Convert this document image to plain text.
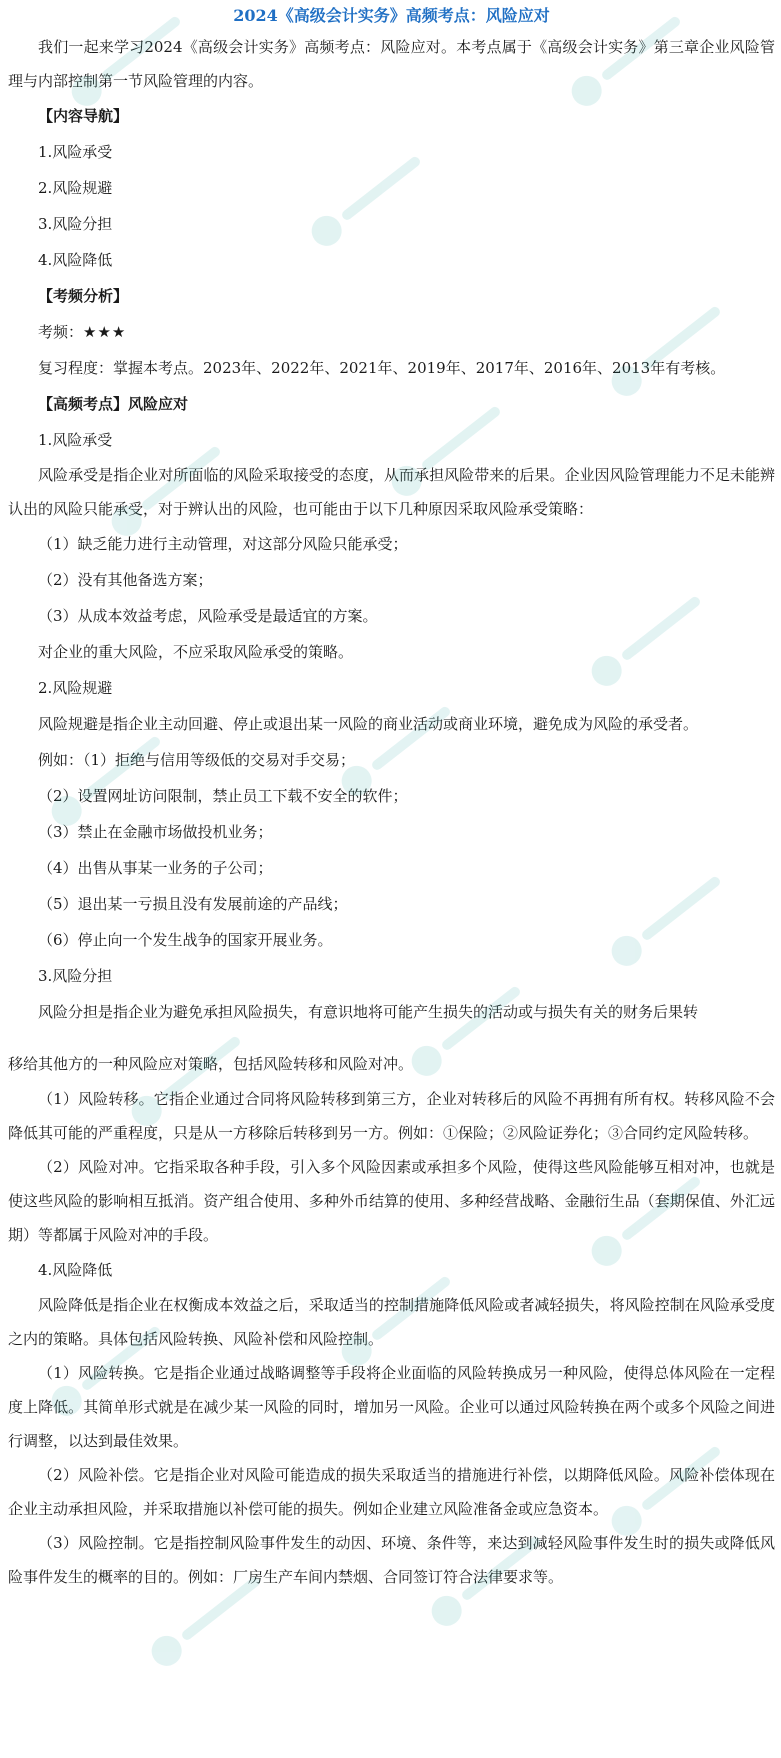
2024《高级会计实务》高频考点：风险应对

我们一起来学习2024《高级会计实务》高频考点：风险应对。本考点属于《高级会计实务》第三章企业风险管理与内部控制第一节风险管理的内容。

【内容导航】

1.风险承受

2.风险规避

3.风险分担

4.风险降低

【考频分析】

考频：★★★

复习程度：掌握本考点。2023年、2022年、2021年、2019年、2017年、2016年、2013年有考核。

【高频考点】风险应对

1.风险承受

风险承受是指企业对所面临的风险采取接受的态度，从而承担风险带来的后果。企业因风险管理能力不足未能辨认出的风险只能承受，对于辨认出的风险，也可能由于以下几种原因采取风险承受策略：

（1）缺乏能力进行主动管理，对这部分风险只能承受；

（2）没有其他备选方案；

（3）从成本效益考虑，风险承受是最适宜的方案。

对企业的重大风险，不应采取风险承受的策略。

2.风险规避

风险规避是指企业主动回避、停止或退出某一风险的商业活动或商业环境，避免成为风险的承受者。

例如：（1）拒绝与信用等级低的交易对手交易；

（2）设置网址访问限制，禁止员工下载不安全的软件；

（3）禁止在金融市场做投机业务；

（4）出售从事某一业务的子公司；

（5）退出某一亏损且没有发展前途的产品线；

（6）停止向一个发生战争的国家开展业务。

3.风险分担

风险分担是指企业为避免承担风险损失，有意识地将可能产生损失的活动或与损失有关的财务后果转

移给其他方的一种风险应对策略，包括风险转移和风险对冲。

（1）风险转移。它指企业通过合同将风险转移到第三方，企业对转移后的风险不再拥有所有权。转移风险不会降低其可能的严重程度，只是从一方移除后转移到另一方。例如：①保险；②风险证券化；③合同约定风险转移。

（2）风险对冲。它指采取各种手段，引入多个风险因素或承担多个风险，使得这些风险能够互相对冲，也就是使这些风险的影响相互抵消。资产组合使用、多种外币结算的使用、多种经营战略、金融衍生品（套期保值、外汇远期）等都属于风险对冲的手段。

4.风险降低

风险降低是指企业在权衡成本效益之后，采取适当的控制措施降低风险或者减轻损失，将风险控制在风险承受度之内的策略。具体包括风险转换、风险补偿和风险控制。

（1）风险转换。它是指企业通过战略调整等手段将企业面临的风险转换成另一种风险，使得总体风险在一定程度上降低。其简单形式就是在减少某一风险的同时，增加另一风险。企业可以通过风险转换在两个或多个风险之间进行调整，以达到最佳效果。

（2）风险补偿。它是指企业对风险可能造成的损失采取适当的措施进行补偿，以期降低风险。风险补偿体现在企业主动承担风险，并采取措施以补偿可能的损失。例如企业建立风险准备金或应急资本。

（3）风险控制。它是指控制风险事件发生的动因、环境、条件等，来达到减轻风险事件发生时的损失或降低风险事件发生的概率的目的。例如：厂房生产车间内禁烟、合同签订符合法律要求等。
